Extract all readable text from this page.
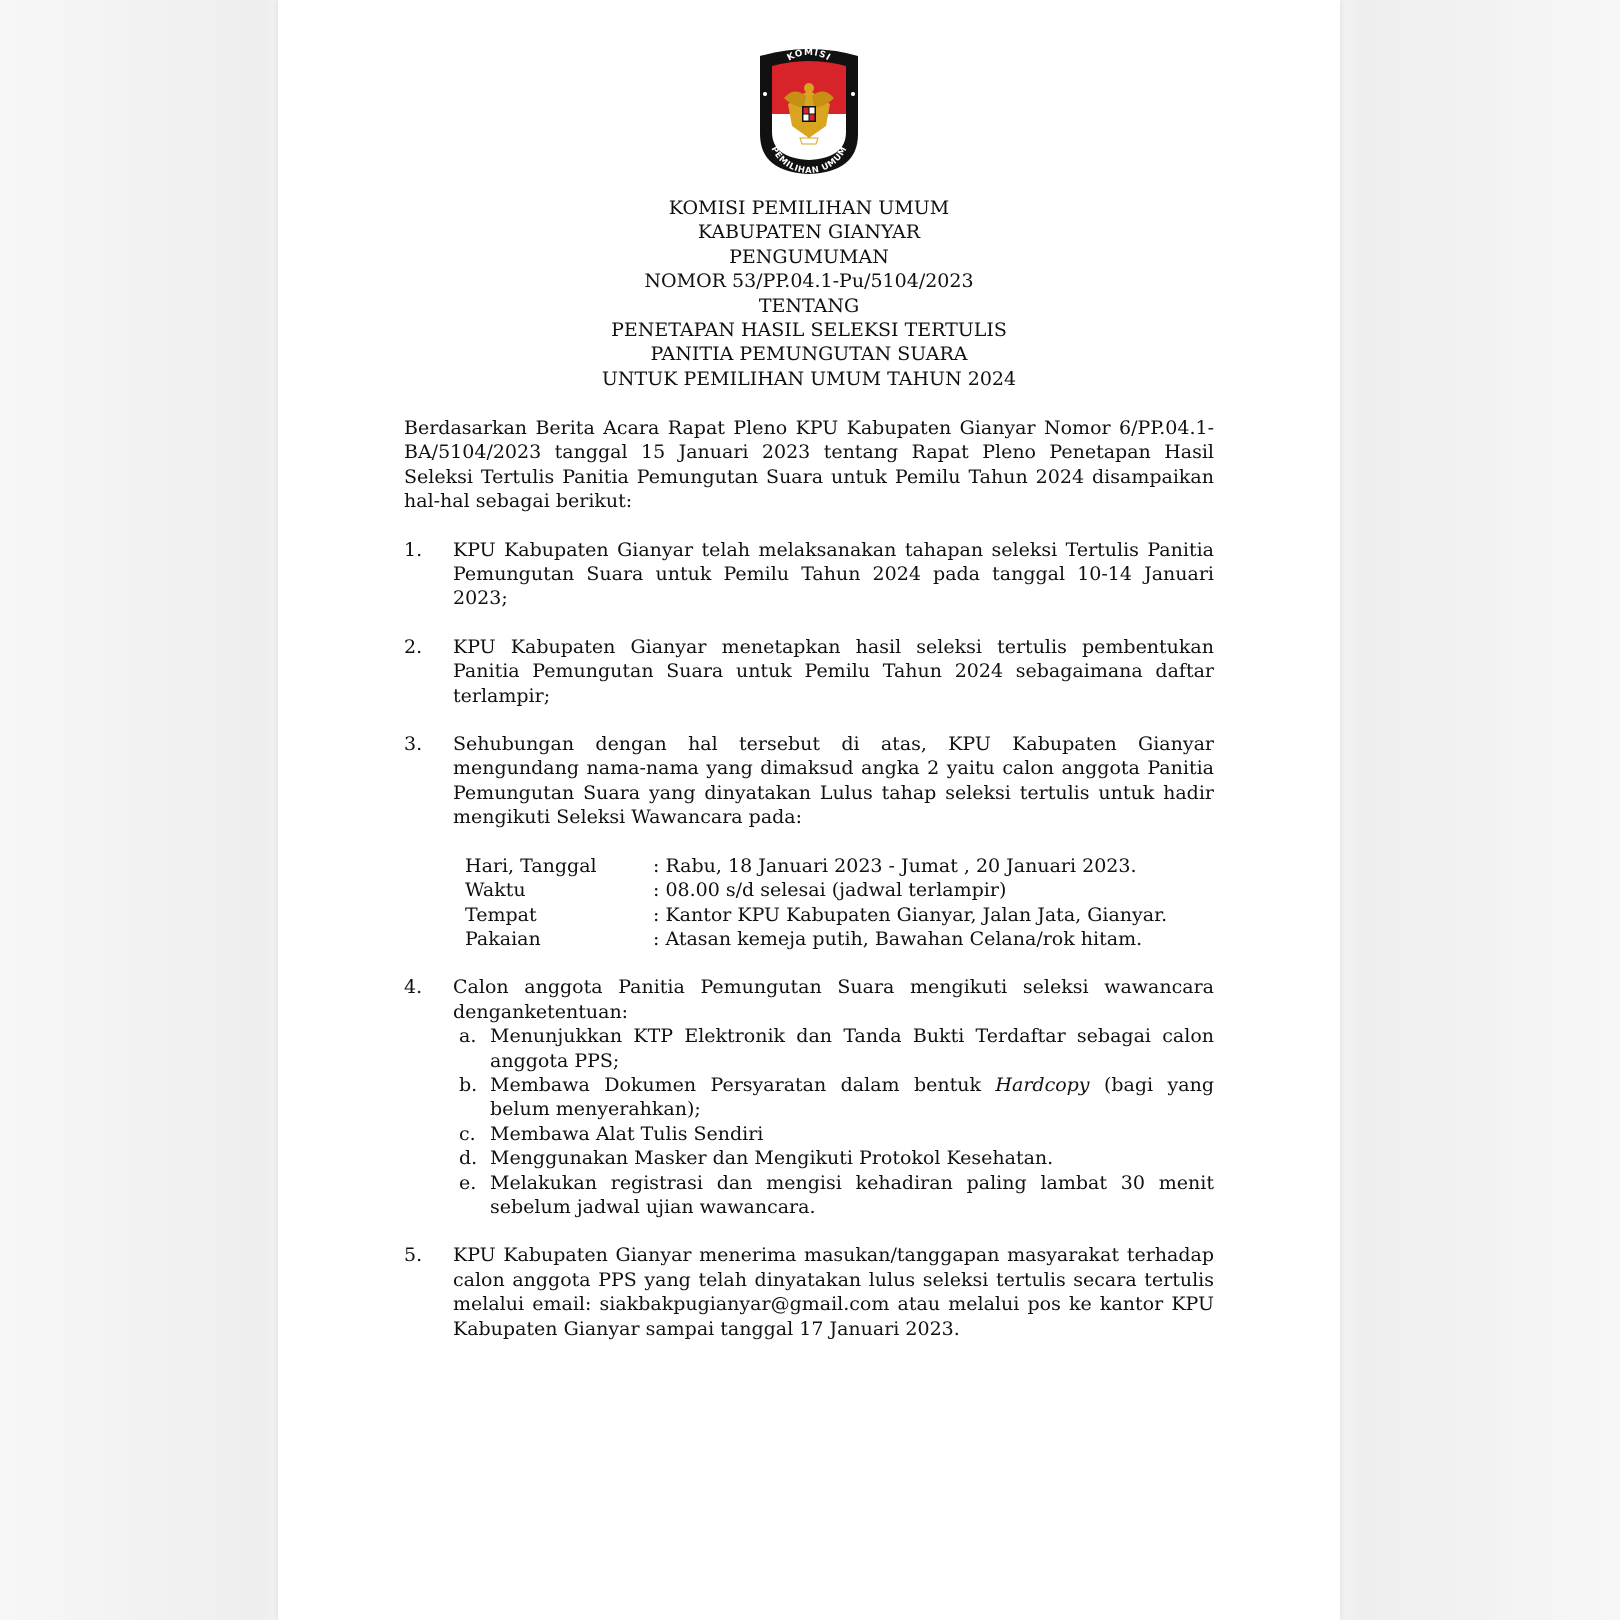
KOMISI
PEMILIHAN UMUM
KOMISI PEMILIHAN UMUM
KABUPATEN GIANYAR
PENGUMUMAN
NOMOR 53/PP.04.1-Pu/5104/2023
TENTANG
PENETAPAN HASIL SELEKSI TERTULIS
PANITIA PEMUNGUTAN SUARA
UNTUK PEMILIHAN UMUM TAHUN 2024

Berdasarkan Berita Acara Rapat Pleno KPU Kabupaten Gianyar Nomor 6/PP.04.1-BA/5104/2023 tanggal 15 Januari 2023 tentang Rapat Pleno Penetapan Hasil Seleksi Tertulis Panitia Pemungutan Suara untuk Pemilu Tahun 2024 disampaikan hal-hal sebagai berikut:

1. KPU Kabupaten Gianyar telah melaksanakan tahapan seleksi Tertulis Panitia Pemungutan Suara untuk Pemilu Tahun 2024 pada tanggal 10-14 Januari 2023;
2. KPU Kabupaten Gianyar menetapkan hasil seleksi tertulis pembentukan Panitia Pemungutan Suara untuk Pemilu Tahun 2024 sebagaimana daftar terlampir;
3. Sehubungan dengan hal tersebut di atas, KPU Kabupaten Gianyar mengundang nama-nama yang dimaksud angka 2 yaitu calon anggota Panitia Pemungutan Suara yang dinyatakan Lulus tahap seleksi tertulis untuk hadir mengikuti Seleksi Wawancara pada:
Hari, Tanggal	: Rabu, 18 Januari 2023 - Jumat , 20 Januari 2023.
Waktu	: 08.00 s/d selesai (jadwal terlampir)
Tempat	: Kantor KPU Kabupaten Gianyar, Jalan Jata, Gianyar.
Pakaian	: Atasan kemeja putih, Bawahan Celana/rok hitam.
4. Calon anggota Panitia Pemungutan Suara mengikuti seleksi wawancara denganketentuan:
a. Menunjukkan KTP Elektronik dan Tanda Bukti Terdaftar sebagai calon anggota PPS;
b. Membawa Dokumen Persyaratan dalam bentuk Hardcopy (bagi yang belum menyerahkan);
c. Membawa Alat Tulis Sendiri
d. Menggunakan Masker dan Mengikuti Protokol Kesehatan.
e. Melakukan registrasi dan mengisi kehadiran paling lambat 30 menit sebelum jadwal ujian wawancara.
5. KPU Kabupaten Gianyar menerima masukan/tanggapan masyarakat terhadap calon anggota PPS yang telah dinyatakan lulus seleksi tertulis secara tertulis melalui email: siakbakpugianyar@gmail.com atau melalui pos ke kantor KPU Kabupaten Gianyar sampai tanggal 17 Januari 2023.
